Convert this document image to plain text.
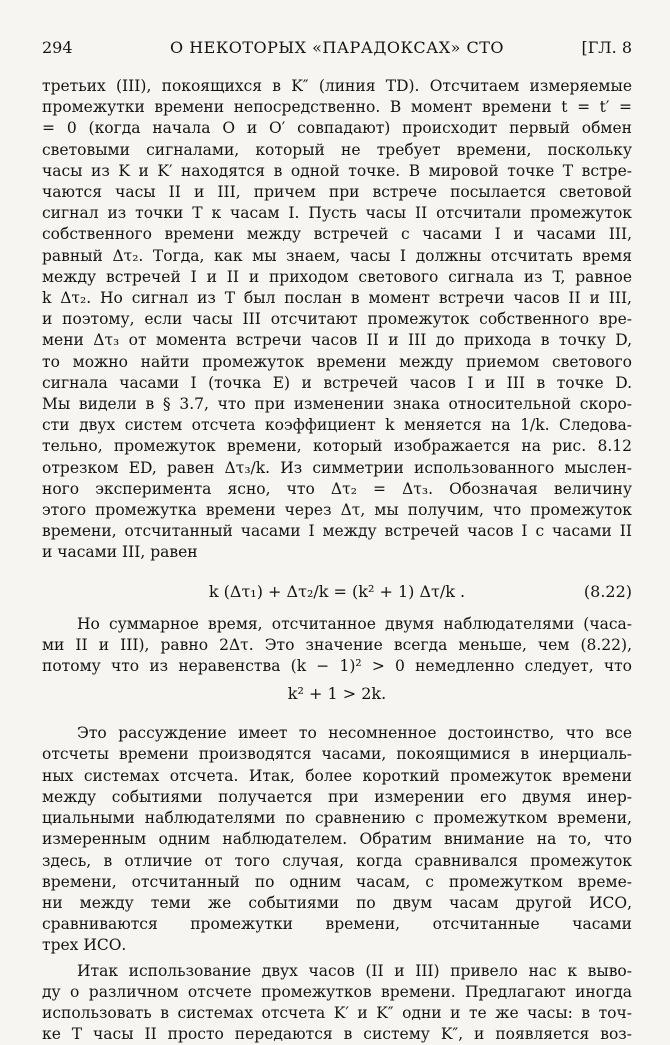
294	О НЕКОТОРЫХ «ПАРАДОКСАХ» СТО	[ГЛ. 8
третьих (III), покоящихся в K″ (линия TD). Отсчитаем измеряемые
промежутки времени непосредственно. В момент времени t = t′ =
= 0 (когда начала O и O′ совпадают) происходит первый обмен
световыми сигналами, который не требует времени, поскольку
часы из K и K′ находятся в одной точке. В мировой точке T встре-
чаются часы II и III, причем при встрече посылается световой
сигнал из точки T к часам I. Пусть часы II отсчитали промежуток
собственного времени между встречей с часами I и часами III,
равный Δτ₂. Тогда, как мы знаем, часы I должны отсчитать время
между встречей I и II и приходом светового сигнала из T, равное
k Δτ₂. Но сигнал из T был послан в момент встречи часов II и III,
и поэтому, если часы III отсчитают промежуток собственного вре-
мени Δτ₃ от момента встречи часов II и III до прихода в точку D,
то можно найти промежуток времени между приемом светового
сигнала часами I (точка E) и встречей часов I и III в точке D.
Мы видели в § 3.7, что при изменении знака относительной скоро-
сти двух систем отсчета коэффициент k меняется на 1/k. Следова-
тельно, промежуток времени, который изображается на рис. 8.12
отрезком ED, равен Δτ₃/k. Из симметрии использованного мыслен-
ного эксперимента ясно, что Δτ₂ = Δτ₃. Обозначая величину
этого промежутка времени через Δτ, мы получим, что промежуток
времени, отсчитанный часами I между встречей часов I с часами II
и часами III, равен
k (Δτ₁) + Δτ₂/k = (k² + 1) Δτ/k .	(8.22)
Но суммарное время, отсчитанное двумя наблюдателями (часа-
ми II и III), равно 2Δτ. Это значение всегда меньше, чем (8.22),
потому что из неравенства (k − 1)² > 0 немедленно следует, что
k² + 1 > 2k.
Это рассуждение имеет то несомненное достоинство, что все
отсчеты времени производятся часами, покоящимися в инерциаль-
ных системах отсчета. Итак, более короткий промежуток времени
между событиями получается при измерении его двумя инер-
циальными наблюдателями по сравнению с промежутком времени,
измеренным одним наблюдателем. Обратим внимание на то, что
здесь, в отличие от того случая, когда сравнивался промежуток
времени, отсчитанный по одним часам, с промежутком време-
ни между теми же событиями по двум часам другой ИСО,
сравниваются промежутки времени, отсчитанные часами
трех ИСО.
Итак использование двух часов (II и III) привело нас к выво-
ду о различном отсчете промежутков времени. Предлагают иногда
использовать в системах отсчета K′ и K″ одни и те же часы: в точ-
ке T часы II просто передаются в систему K″, и появляется воз-
